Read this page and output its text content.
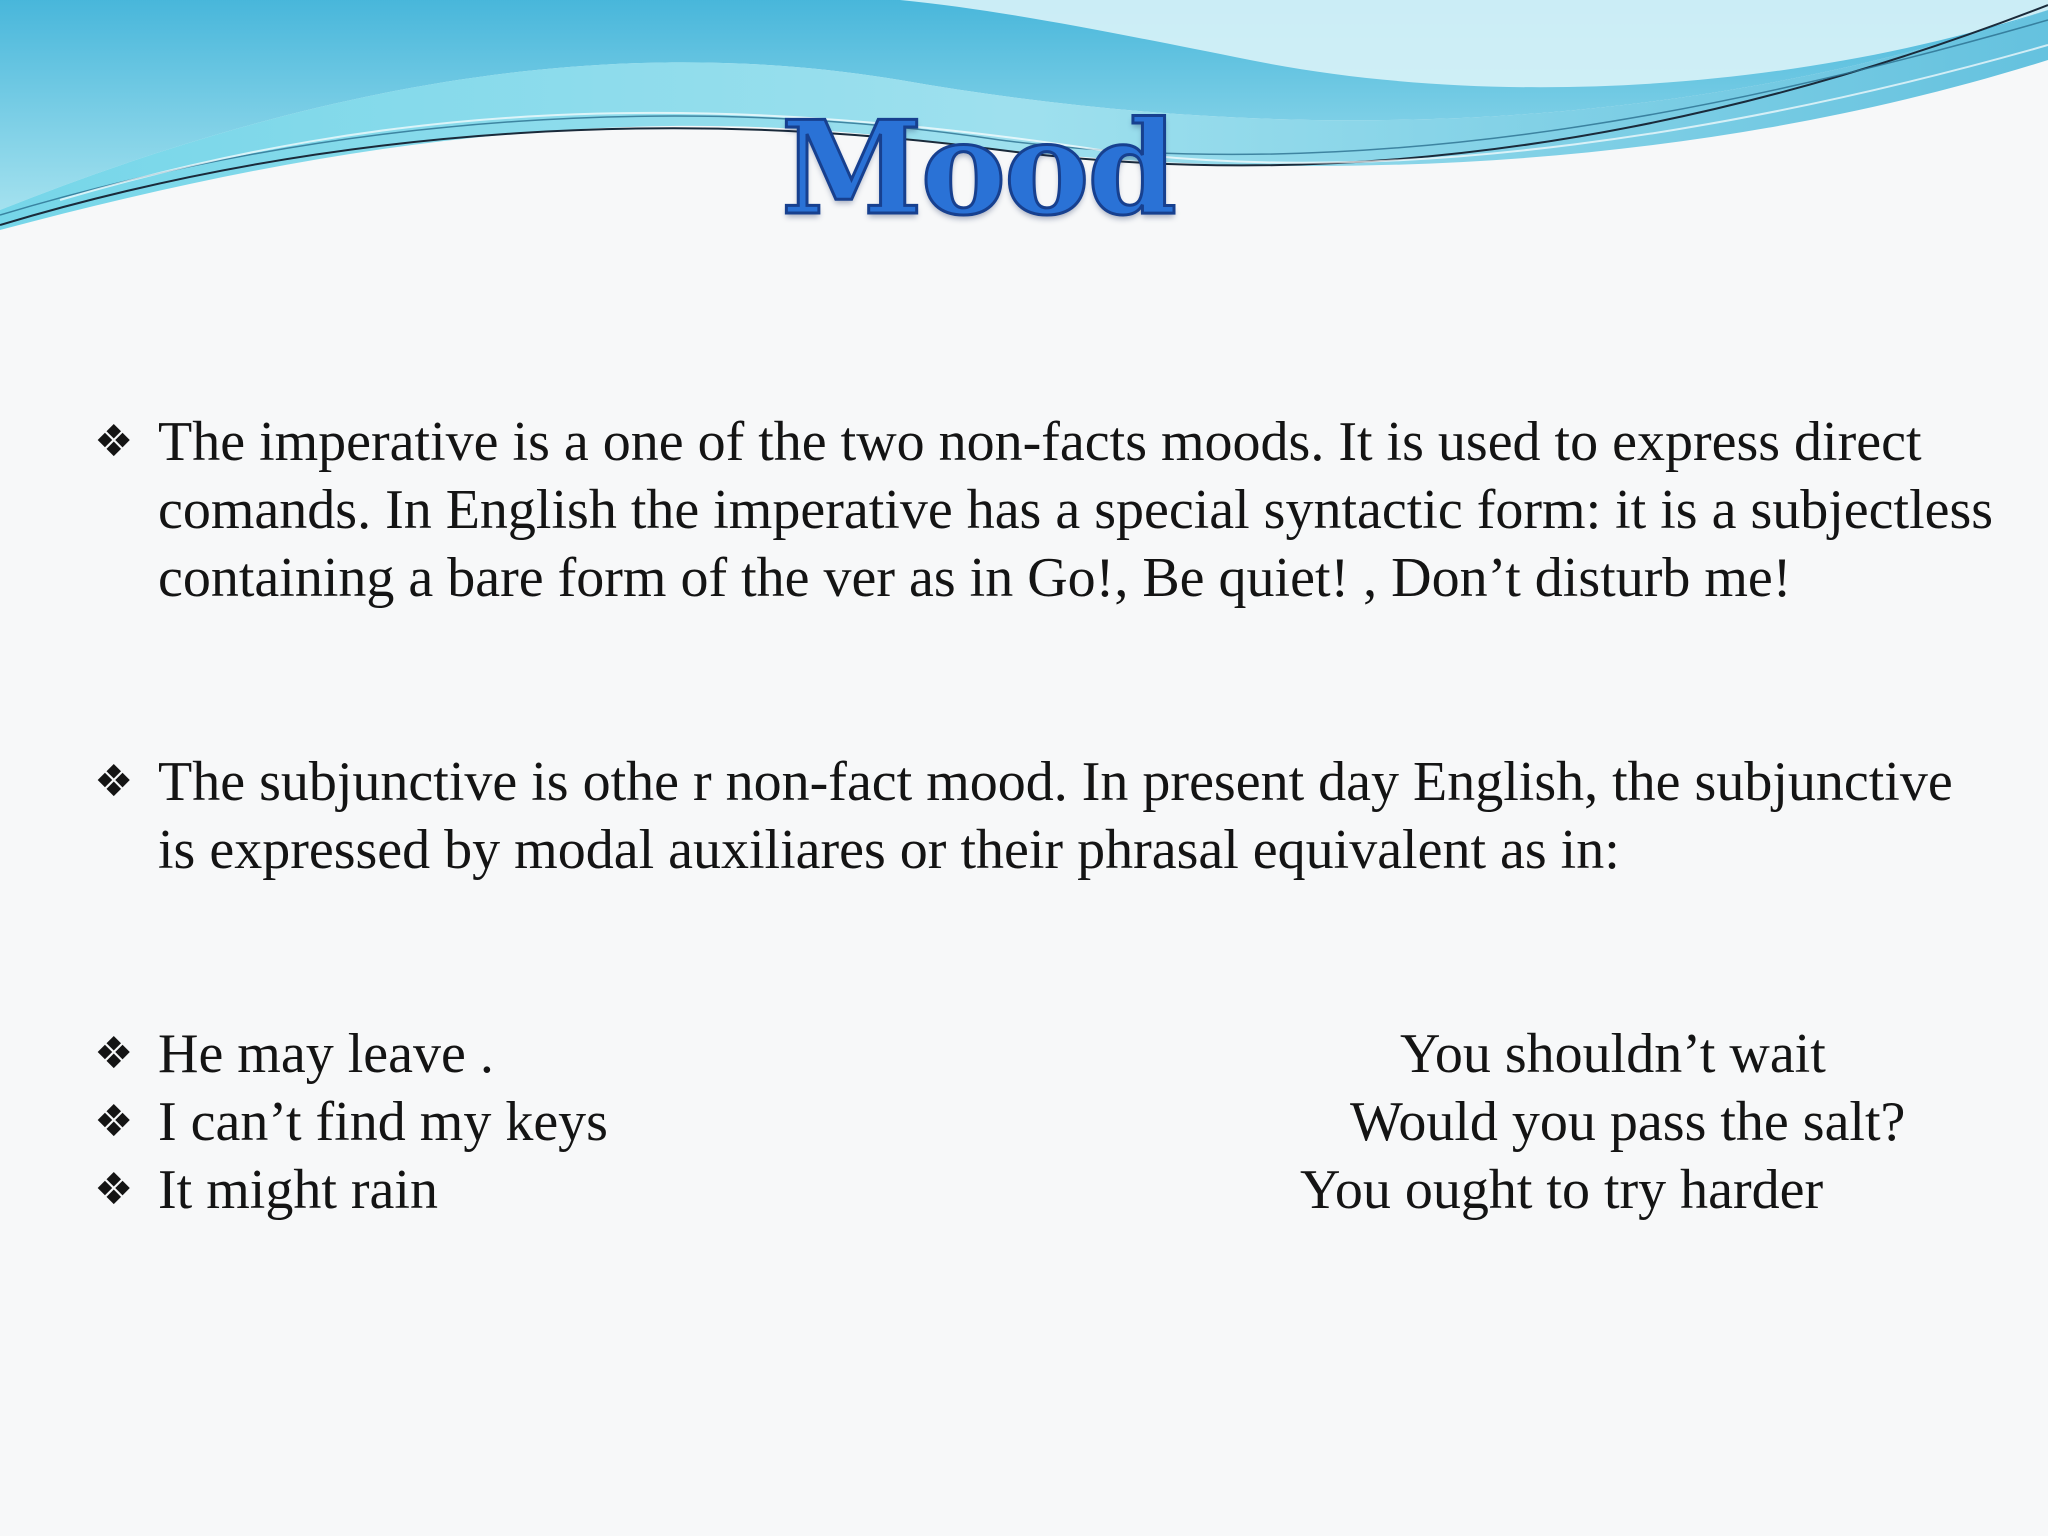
Mood
❖ The imperative is a one of the two non-facts moods. It is used to express direct comands. In English the imperative has a special syntactic form: it is a subjectless containing a bare form of the ver as in Go!, Be quiet! , Don’t disturb me!

❖ The subjunctive is othe r non-fact mood. In present day English, the subjunctive is expressed by modal auxiliares or their phrasal equivalent as in:

❖ He may leave .	You shouldn’t wait
❖ I can’t find my keys	Would you pass the salt?
❖ It might rain	You ought to try harder
